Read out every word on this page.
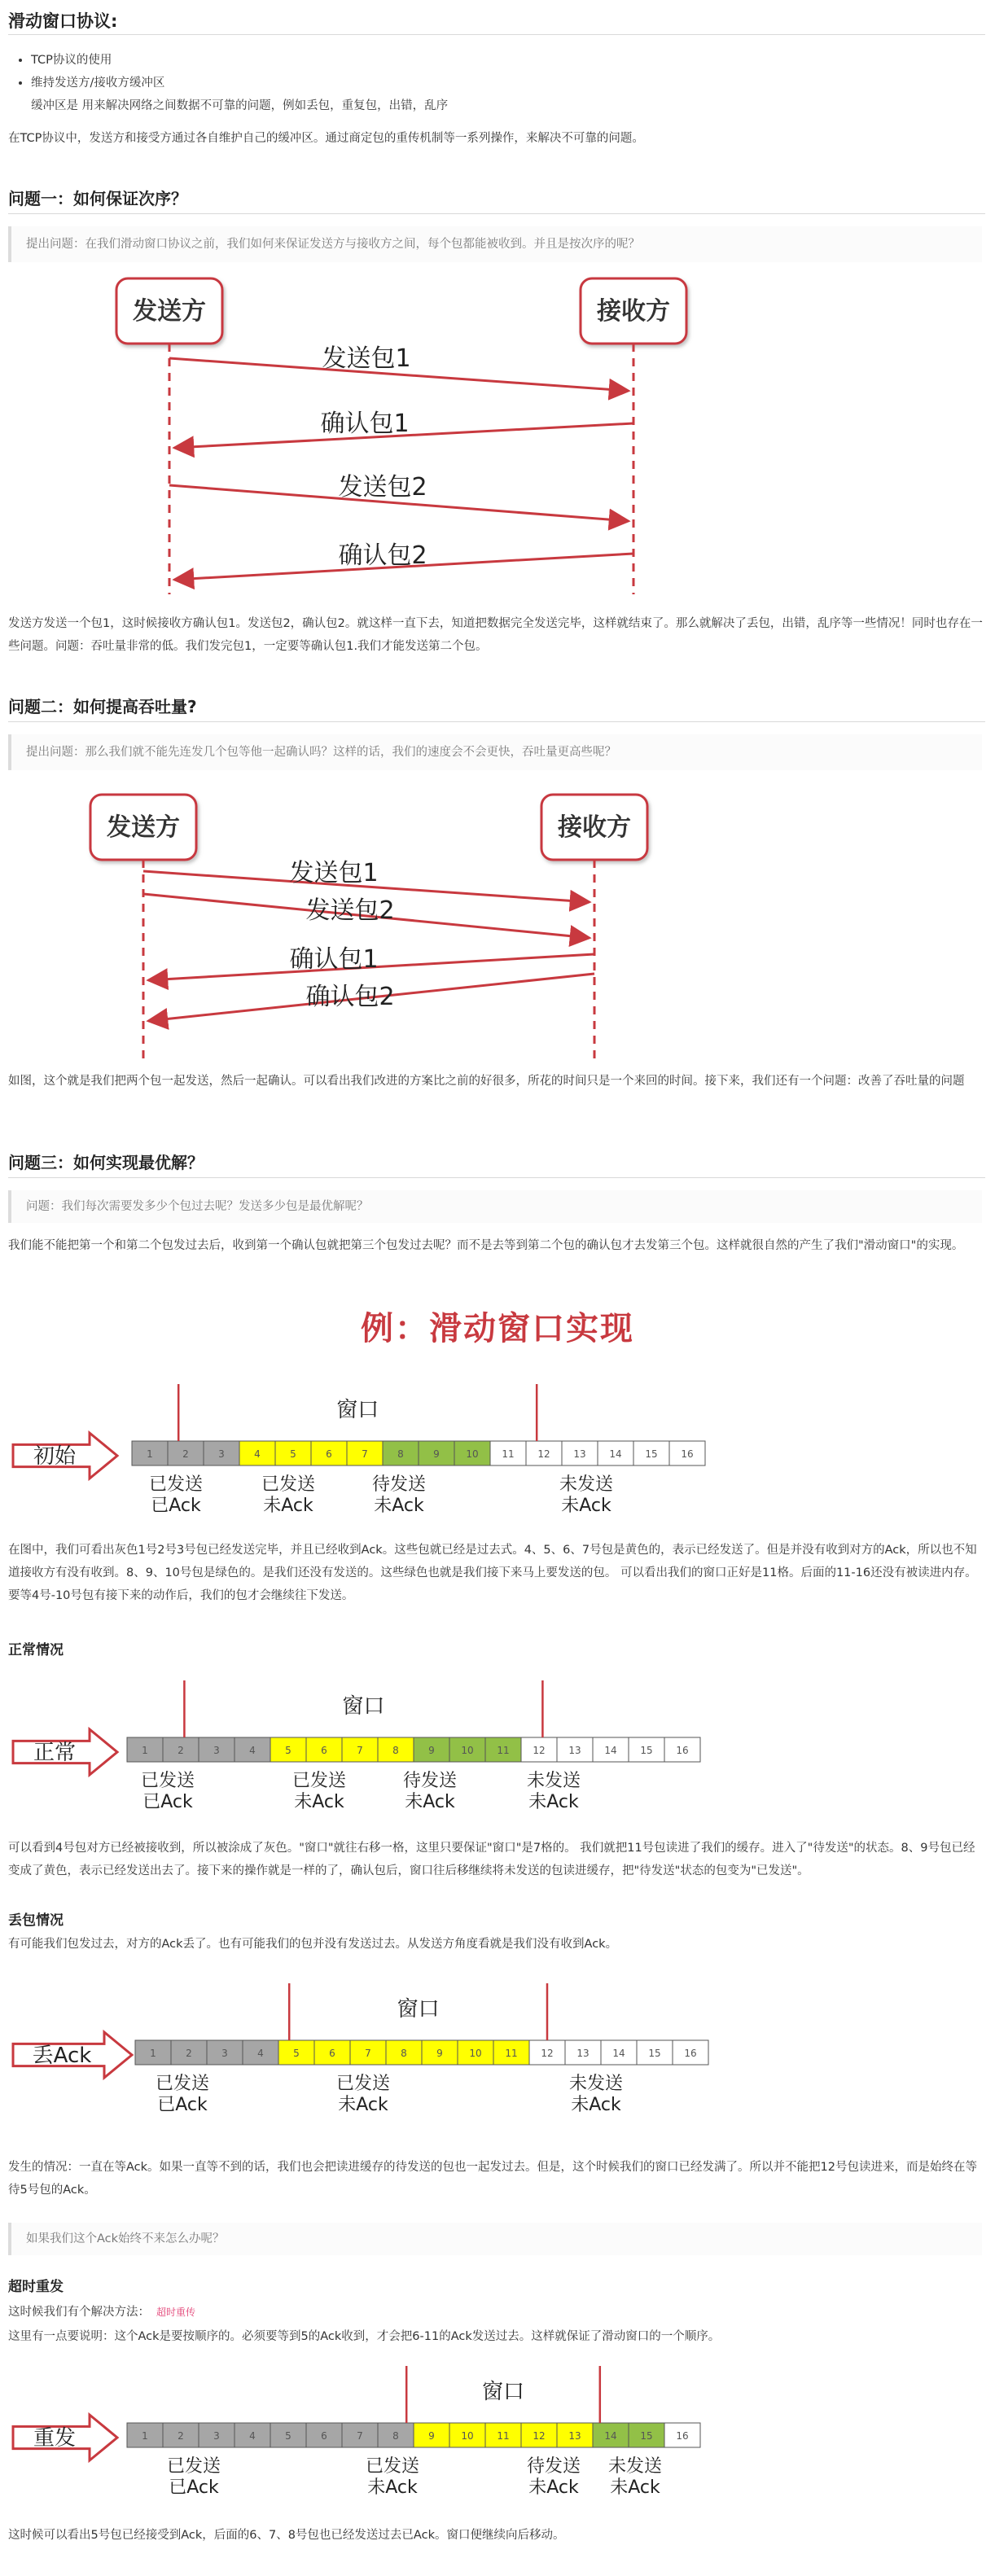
滑动窗口协议:
• TCP协议的使用
• 维持发送方/接收方缓冲区
缓冲区是 用来解决网络之间数据不可靠的问题，例如丢包，重复包，出错，乱序

在TCP协议中，发送方和接受方通过各自维护自己的缓冲区。通过商定包的重传机制等一系列操作，来解决不可靠的问题。

问题一：如何保证次序？
提出问题：在我们滑动窗口协议之前，我们如何来保证发送方与接收方之间，每个包都能被收到。并且是按次序的呢？
发送方	接收方
发送包1
确认包1
发送包2
确认包2

发送方发送一个包1，这时候接收方确认包1。发送包2，确认包2。就这样一直下去，知道把数据完全发送完毕，这样就结束了。那么就解决了丢包，出错，乱序等一些情况！同时也存在一些问题。问题：吞吐量非常的低。我们发完包1，一定要等确认包1.我们才能发送第二个包。

问题二：如何提高吞吐量?
提出问题：那么我们就不能先连发几个包等他一起确认吗？这样的话，我们的速度会不会更快，吞吐量更高些呢？
发送方	接收方
发送包1
发送包2
确认包1
确认包2

如图，这个就是我们把两个包一起发送，然后一起确认。可以看出我们改进的方案比之前的好很多，所花的时间只是一个来回的时间。接下来，我们还有一个问题：改善了吞吐量的问题

问题三：如何实现最优解？
问题：我们每次需要发多少个包过去呢？发送多少包是最优解呢？

我们能不能把第一个和第二个包发过去后，收到第一个确认包就把第三个包发过去呢？而不是去等到第二个包的确认包才去发第三个包。这样就很自然的产生了我们"滑动窗口"的实现。

例：滑动窗口实现
初始	1	2	3	4	5	6	7	8	9	10 11 12 13 14 15 16
窗口
已发送
已Ack
已发送
未Ack
待发送
未Ack
未发送
未Ack

在图中，我们可看出灰色1号2号3号包已经发送完毕，并且已经收到Ack。这些包就已经是过去式。4、5、6、7号包是黄色的，表示已经发送了。但是并没有收到对方的Ack，所以也不知道接收方有没有收到。8、9、10号包是绿色的。是我们还没有发送的。这些绿色也就是我们接下来马上要发送的包。 可以看出我们的窗口正好是11格。后面的11-16还没有被读进内存。要等4号-10号包有接下来的动作后，我们的包才会继续往下发送。

正常情况
正常	1	2	3	4	5	6	7	8	9	10 11 12 13 14 15 16
窗口
已发送
已Ack
已发送
未Ack
待发送
未Ack
未发送
未Ack

可以看到4号包对方已经被接收到，所以被涂成了灰色。"窗口"就往右移一格，这里只要保证"窗口"是7格的。 我们就把11号包读进了我们的缓存。进入了"待发送"的状态。8、9号包已经变成了黄色，表示已经发送出去了。接下来的操作就是一样的了，确认包后，窗口往后移继续将未发送的包读进缓存，把"待发送"状态的包变为"已发送"。

丢包情况

有可能我们包发过去，对方的Ack丢了。也有可能我们的包并没有发送过去。从发送方角度看就是我们没有收到Ack。

丢Ack	1	2	3	4	5	6	7	8	9	10 11 12 13 14 15 16
窗口
已发送
已Ack
已发送
未Ack
未发送
未Ack

发生的情况：一直在等Ack。如果一直等不到的话，我们也会把读进缓存的待发送的包也一起发过去。但是，这个时候我们的窗口已经发满了。所以并不能把12号包读进来，而是始终在等待5号包的Ack。

如果我们这个Ack始终不来怎么办呢？
超时重发
这时候我们有个解决方法： 超时重传

这里有一点要说明：这个Ack是要按顺序的。必须要等到5的Ack收到，才会把6-11的Ack发送过去。这样就保证了滑动窗口的一个顺序。

重发	1	2	3	4	5	6	7	8	9	10 11 12 13 14 15 16
窗口
已发送
已Ack
已发送
未Ack
待发送
未Ack
未发送
未Ack

这时候可以看出5号包已经接受到Ack，后面的6、7、8号包也已经发送过去已Ack。窗口便继续向后移动。
